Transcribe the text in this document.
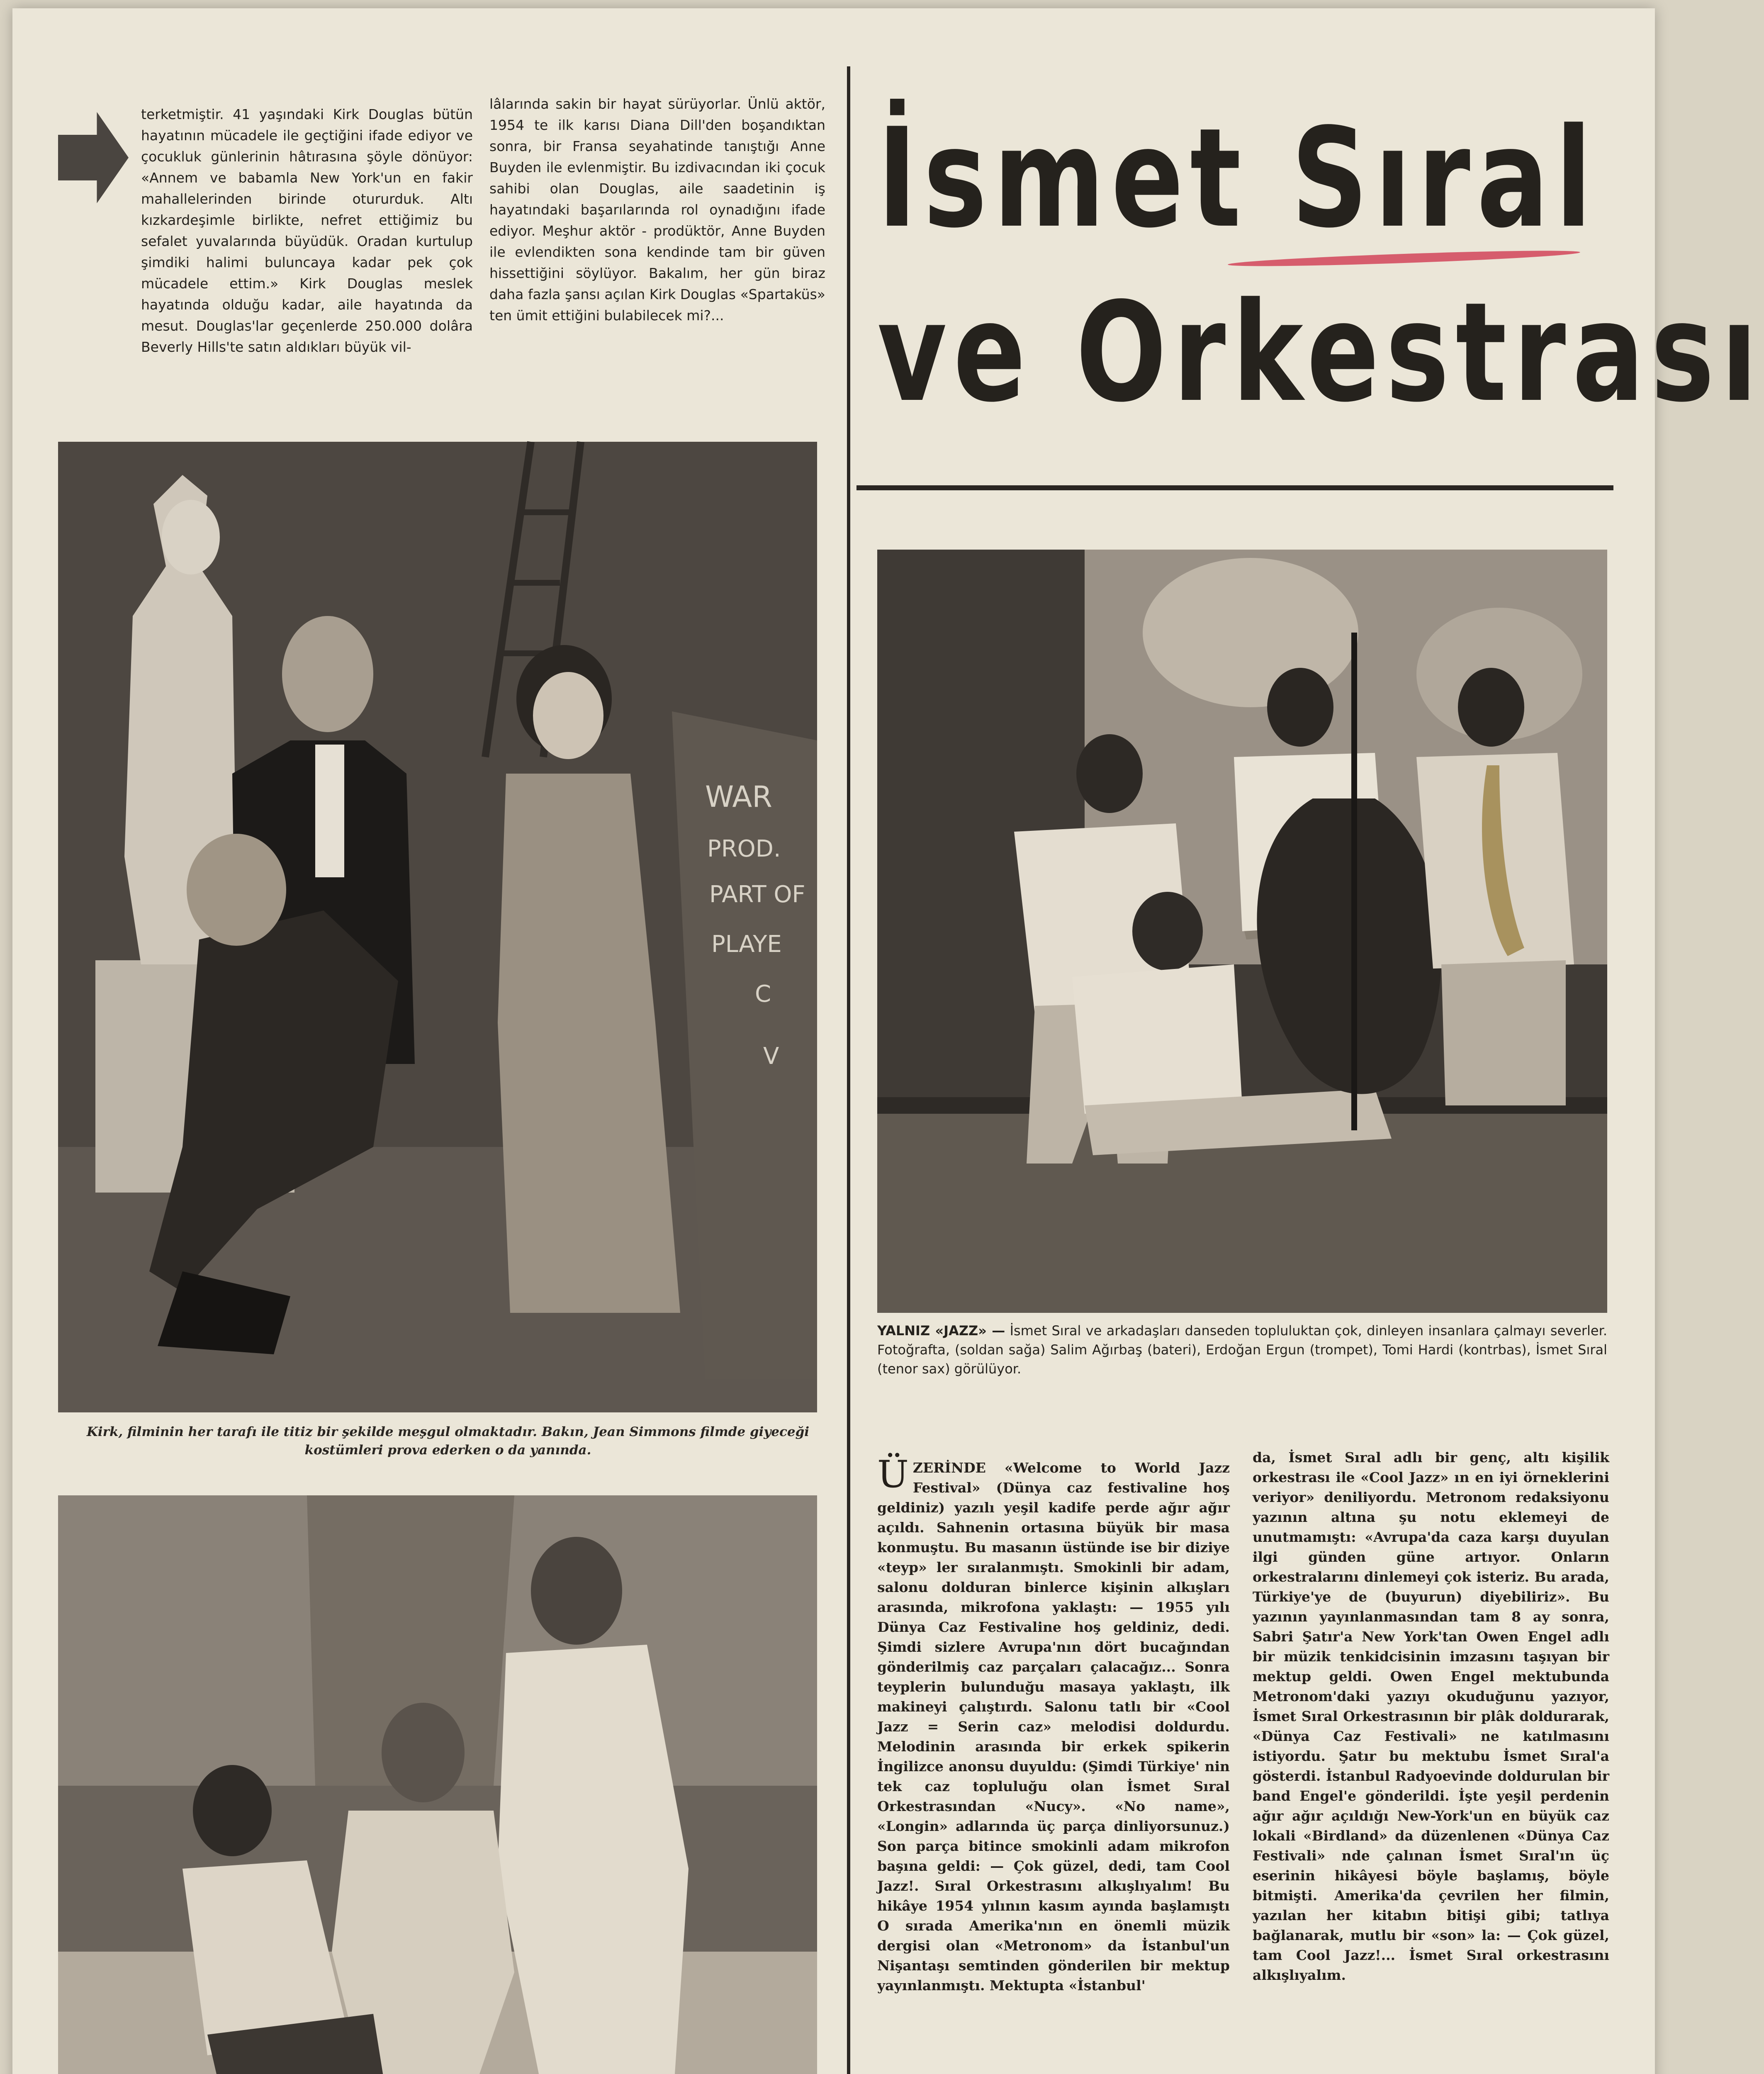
terketmiştir. 41 yaşındaki Kirk Douglas bütün hayatının mücadele ile geçtiğini ifade ediyor ve çocukluk günlerinin hâtırasına şöyle dönüyor: «Annem ve babamla New York'un en fakir mahallelerinden birinde otururduk. Altı kızkardeşimle birlikte, nefret ettiğimiz bu sefalet yuvalarında büyüdük. Oradan kurtulup şimdiki halimi buluncaya kadar pek çok mücadele ettim.» Kirk Douglas meslek hayatında olduğu kadar, aile hayatında da mesut. Douglas'lar geçenlerde 250.000 dolâra Beverly Hills'te satın aldıkları büyük vil-
lâlarında sakin bir hayat sürüyorlar. Ünlü aktör, 1954 te ilk karısı Diana Dill'den boşandıktan sonra, bir Fransa seyahatinde tanıştığı Anne Buyden ile evlenmiştir. Bu izdivacından iki çocuk sahibi olan Douglas, aile saadetinin iş hayatındaki başarılarında rol oynadığını ifade ediyor. Meşhur aktör - prodüktör, Anne Buyden ile evlendikten sona kendinde tam bir güven hissettiğini söylüyor. Bakalım, her gün biraz daha fazla şansı açılan Kirk Douglas «Spartaküs» ten ümit ettiğini bulabilecek mi?...
WAR
PROD.
PART OF
PLAYE
C
V
Kirk, filminin her tarafı ile titiz bir şekilde meşgul olmaktadır. Bakın, Jean Simmons filmde giyeceği kostümleri prova ederken o da yanında.
İsmet Sıral
ve Orkestrası
YALNIZ «JAZZ» — İsmet Sıral ve arkadaşları danseden topluluktan çok, dinleyen insanlara çalmayı severler. Fotoğrafta, (soldan sağa) Salim Ağırbaş (bateri), Erdoğan Ergun (trompet), Tomi Hardi (kontrbas), İsmet Sıral (tenor sax) görülüyor.
Ü ZERİNDE «Welcome to World Jazz Festival» (Dünya caz festivaline hoş geldiniz) yazılı yeşil kadife perde ağır ağır açıldı. Sahnenin ortasına büyük bir masa konmuştu. Bu masanın üstünde ise bir diziye «teyp» ler sıralanmıştı. Smokinli bir adam, salonu dolduran binlerce kişinin alkışları arasında, mikrofona yaklaştı: — 1955 yılı Dünya Caz Festivaline hoş geldiniz, dedi. Şimdi sizlere Avrupa'nın dört bucağından gönderilmiş caz parçaları çalacağız... Sonra teyplerin bulunduğu masaya yaklaştı, ilk makineyi çalıştırdı. Salonu tatlı bir «Cool Jazz = Serin caz» melodisi doldurdu. Melodinin arasında bir erkek spikerin İngilizce anonsu duyuldu: (Şimdi Türkiye' nin tek caz topluluğu olan İsmet Sıral Orkestrasından «Nucy». «No name», «Longin» adlarında üç parça dinliyorsunuz.) Son parça bitince smokinli adam mikrofon başına geldi: — Çok güzel, dedi, tam Cool Jazz!. Sıral Orkestrasını alkışlıyalım! Bu hikâye 1954 yılının kasım ayında başlamıştı O sırada Amerika'nın en önemli müzik dergisi olan «Metronom» da İstanbul'un Nişantaşı semtinden gönderilen bir mektup yayınlanmıştı. Mektupta «İstanbul'

da, İsmet Sıral adlı bir genç, altı kişilik orkestrası ile «Cool Jazz» ın en iyi örneklerini veriyor» deniliyordu. Metronom redaksiyonu yazının altına şu notu eklemeyi de unutmamıştı: «Avrupa'da caza karşı duyulan ilgi günden güne artıyor. Onların orkestralarını dinlemeyi çok isteriz. Bu arada, Türkiye'ye de (buyurun) diyebiliriz». Bu yazının yayınlanmasından tam 8 ay sonra, Sabri Şatır'a New York'tan Owen Engel adlı bir müzik tenkidcisinin imzasını taşıyan bir mektup geldi. Owen Engel mektubunda Metronom'daki yazıyı okuduğunu yazıyor, İsmet Sıral Orkestrasının bir plâk doldurarak, «Dünya Caz Festivali» ne katılmasını istiyordu. Şatır bu mektubu İsmet Sıral'a gösterdi. İstanbul Radyoevinde doldurulan bir band Engel'e gönderildi. İşte yeşil perdenin ağır ağır açıldığı New-York'un en büyük caz lokali «Birdland» da düzenlenen «Dünya Caz Festivali» nde çalınan İsmet Sıral'ın üç eserinin hikâyesi böyle başlamış, böyle bitmişti. Amerika'da çevrilen her filmin, yazılan her kitabın bitişi gibi; tatlıya bağlanarak, mutlu bir «son» la: — Çok güzel, tam Cool Jazz!... İsmet Sıral orkestrasını alkışlıyalım.
